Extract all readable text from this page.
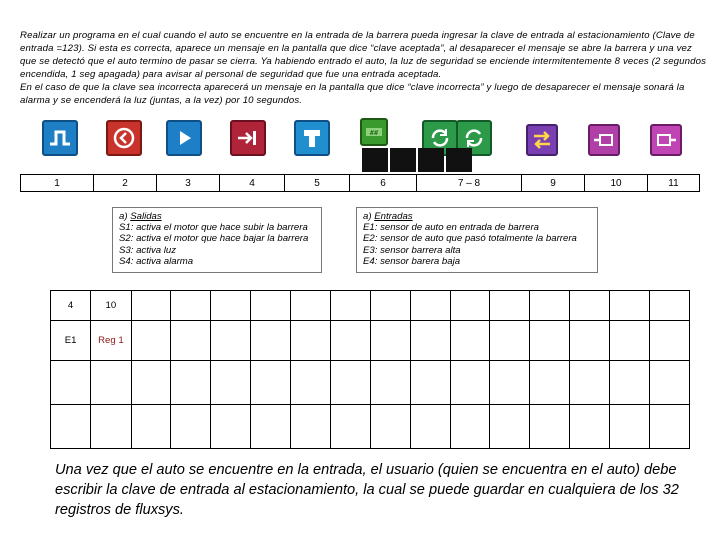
Realizar un programa en el cual cuando el auto se encuentre en la entrada de la barrera pueda ingresar la clave de entrada al estacionamiento (Clave de entrada =123). Si esta es correcta, aparece un mensaje en la pantalla que dice “clave aceptada”, al desaparecer el mensaje se abre la barrera y una vez que se detectó que el auto termino de pasar se cierra. Ya habiendo entrado el auto, la luz de seguridad se enciende intermitentemente 8 veces (2 segundos encendida, 1 seg apagada) para avisar al personal de seguridad que fue una entrada aceptada.

En el caso de que la clave sea incorrecta aparecerá un mensaje en la pantalla que dice “clave incorrecta” y luego de desaparecer el mensaje sonará la alarma y se encenderá la luz (juntas, a la vez) por 10 segundos.

##
1	2	3	4	5	6	7 – 8	9	10	11
a) Salidas
S1: activa el motor que hace subir la barrera
S2: activa el motor que hace bajar la barrera
S3: activa luz
S4: activa alarma
a) Entradas
E1: sensor de auto en entrada de barrera
E2: sensor de auto que pasó totalmente la barrera
E3: sensor barrera alta
E4: sensor barera baja
4	10														
E1	Reg 1														

Una vez que el auto se encuentre en la entrada, el usuario (quien se encuentra en el auto) debe escribir la clave de entrada al estacionamiento, la cual se puede guardar en cualquiera de los 32 registros de fluxsys.
